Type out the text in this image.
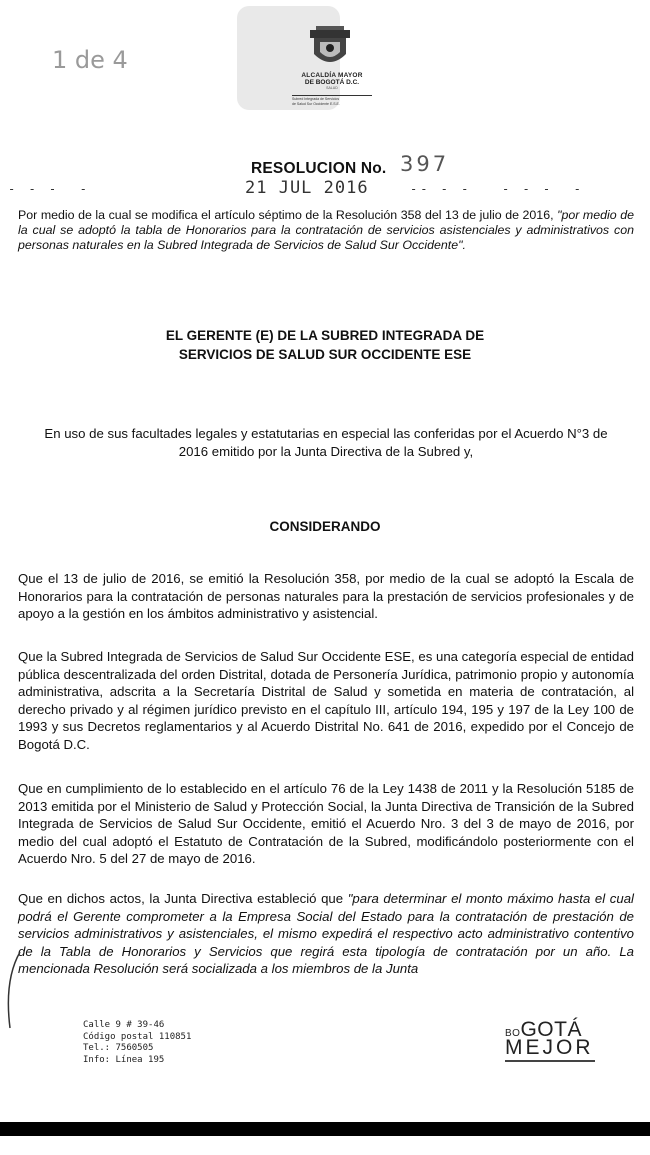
1 de 4
ALCALDÍA MAYOR
DE BOGOTÁ D.C.
SALUD
Subred Integrada de Servicios
de Salud Sur Occidente E.S.E.
RESOLUCION No. 397
21 JUL 2016
- - -  -	-- - -   - - -  -
Por medio de la cual se modifica el artículo séptimo de la Resolución 358 del 13 de julio de 2016, "por medio de la cual se adoptó la tabla de Honorarios para la contratación de servicios asistenciales y administrativos con personas naturales en la Subred Integrada de Servicios de Salud Sur Occidente".
EL GERENTE (E) DE LA SUBRED INTEGRADA DE
SERVICIOS DE SALUD SUR OCCIDENTE ESE
En uso de sus facultades legales y estatutarias en especial las conferidas por el Acuerdo N°3 de
2016 emitido por la Junta Directiva de la Subred y,
CONSIDERANDO
Que el 13 de julio de 2016, se emitió la Resolución 358, por medio de la cual se adoptó la Escala de Honorarios para la contratación de personas naturales para la prestación de servicios profesionales y de apoyo a la gestión en los ámbitos administrativo y asistencial.
Que la Subred Integrada de Servicios de Salud Sur Occidente ESE, es una categoría especial de entidad pública descentralizada del orden Distrital, dotada de Personería Jurídica, patrimonio propio y autonomía administrativa, adscrita a la Secretaría Distrital de Salud y sometida en materia de contratación, al derecho privado y al régimen jurídico previsto en el capítulo III, artículo 194, 195 y 197 de la Ley 100 de 1993 y sus Decretos reglamentarios y al Acuerdo Distrital No. 641 de 2016, expedido por el Concejo de Bogotá D.C.
Que en cumplimiento de lo establecido en el artículo 76 de la Ley 1438 de 2011 y la Resolución 5185 de 2013 emitida por el Ministerio de Salud y Protección Social, la Junta Directiva de Transición de la Subred Integrada de Servicios de Salud Sur Occidente, emitió el Acuerdo Nro. 3 del 3 de mayo de 2016, por medio del cual adoptó el Estatuto de Contratación de la Subred, modificándolo posteriormente con el Acuerdo Nro. 5 del 27 de mayo de 2016.
Que en dichos actos, la Junta Directiva estableció que "para determinar el monto máximo hasta el cual podrá el Gerente comprometer a la Empresa Social del Estado para la contratación de prestación de servicios administrativos y asistenciales, el mismo expedirá el respectivo acto administrativo contentivo de la Tabla de Honorarios y Servicios que regirá esta tipología de contratación por un año. La mencionada Resolución será socializada a los miembros de la Junta
Calle 9 # 39-46
Código postal 110851
Tel.: 7560505
Info: Línea 195
BOGOTÁ
MEJOR
